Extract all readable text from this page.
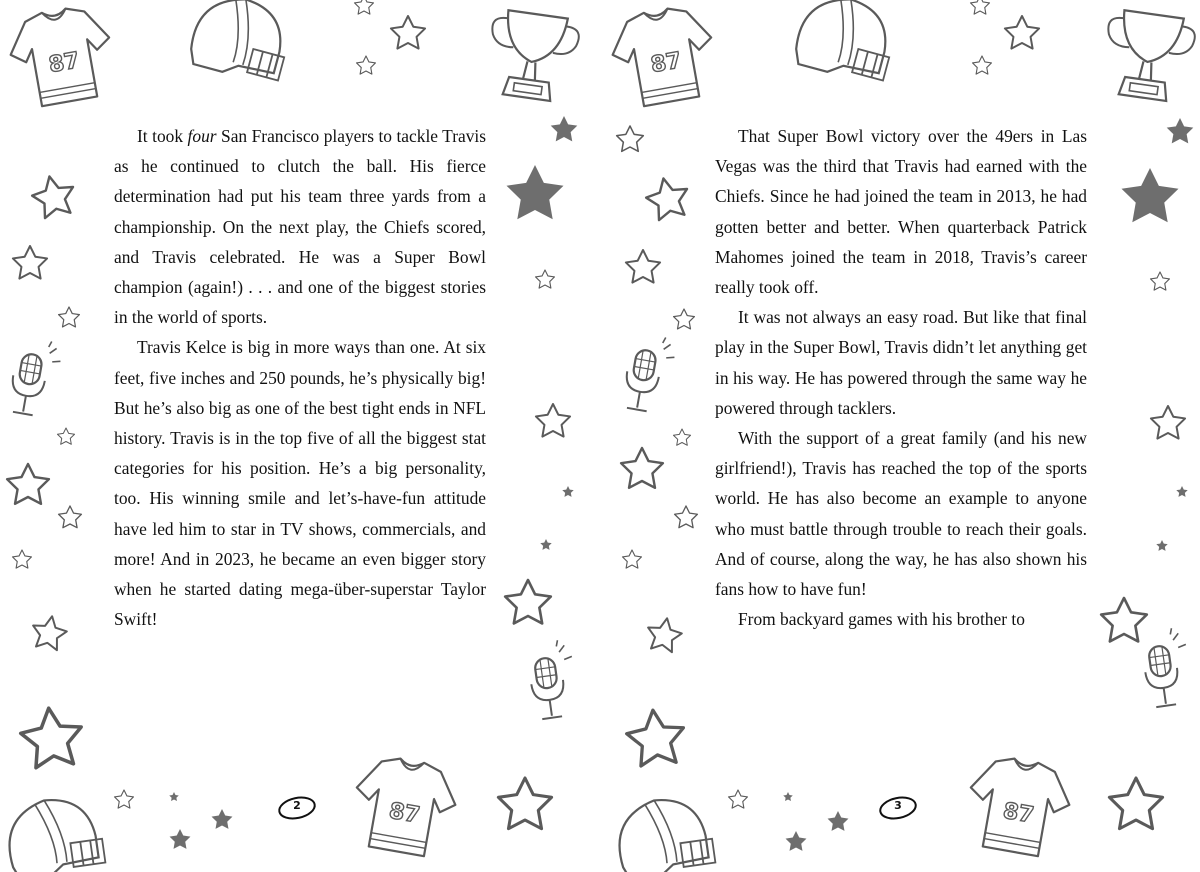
87
87

It took four San Francisco players to tackle Travis as he continued to clutch the ball. His fierce determination had put his team three yards from a championship. On the next play, the Chiefs scored, and Travis celebrated. He was a Super Bowl champion (again!) . . . and one of the biggest stories in the world of sports.

Travis Kelce is big in more ways than one. At six feet, five inches and 250 pounds, he’s physically big! But he’s also big as one of the best tight ends in NFL history. Travis is in the top five of all the biggest stat categories for his position. He’s a big personality, too. His winning smile and let’s-have-fun attitude have led him to star in TV shows, commercials, and more! And in 2023, he became an even bigger story when he started dating mega-über-superstar Taylor Swift!

2
87
87

That Super Bowl victory over the 49ers in Las Vegas was the third that Travis had earned with the Chiefs. Since he had joined the team in 2013, he had gotten better and better. When quarterback Patrick Mahomes joined the team in 2018, Travis’s career really took off.

It was not always an easy road. But like that final play in the Super Bowl, Travis didn’t let anything get in his way. He has powered through the same way he powered through tacklers.

With the support of a great family (and his new girlfriend!), Travis has reached the top of the sports world. He has also become an example to anyone who must battle through trouble to reach their goals. And of course, along the way, he has also shown his fans how to have fun!

From backyard games with his brother to

3
